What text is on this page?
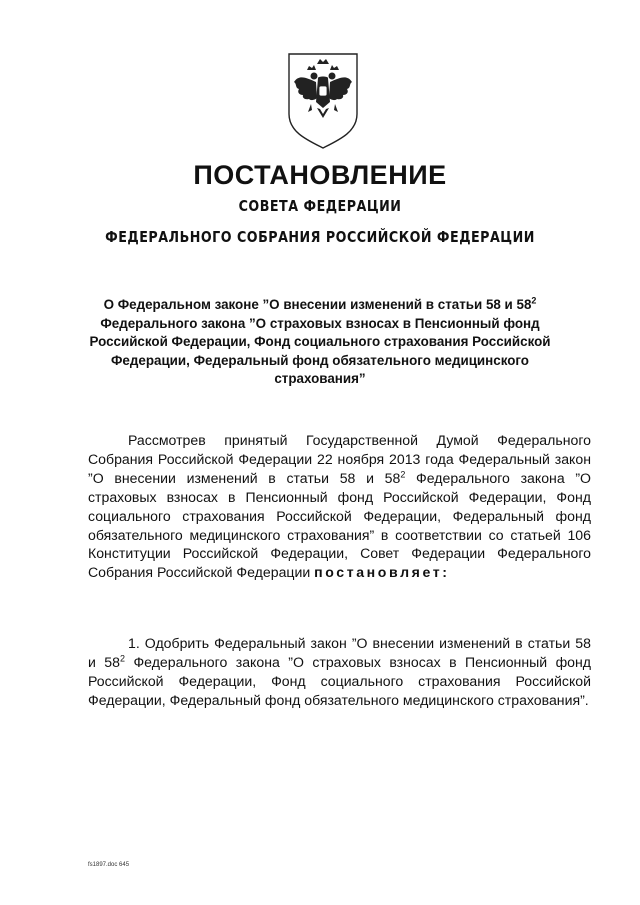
ПОСТАНОВЛЕНИЕ
СОВЕТА ФЕДЕРАЦИИ
ФЕДЕРАЛЬНОГО СОБРАНИЯ РОССИЙСКОЙ ФЕДЕРАЦИИ

О Федеральном законе ”О внесении изменений в статьи 58 и $58^2$ Федерального закона ”О страховых взносах в Пенсионный фонд Российской Федерации, Фонд социального страхования Российской Федерации, Федеральный фонд обязательного медицинского страхования”

Рассмотрев принятый Государственной Думой Федерального Собрания Российской Федерации 22 ноября 2013 года Федеральный закон ”О внесении изменений в статьи 58 и $58^2$ Федерального закона ”О страховых взносах в Пенсионный фонд Российской Федерации, Фонд социального страхования Российской Федерации, Федеральный фонд обязательного медицинского страхования” в соответствии со статьей 106 Конституции Российской Федерации, Совет Федерации Федерального Собрания Российской Федерации постановляет:

1. Одобрить Федеральный закон ”О внесении изменений в статьи 58 и $58^2$ Федерального закона ”О страховых взносах в Пенсионный фонд Российской Федерации, Фонд социального страхования Российской Федерации, Федеральный фонд обязательного медицинского страхования”.

fs1897.doc 645
